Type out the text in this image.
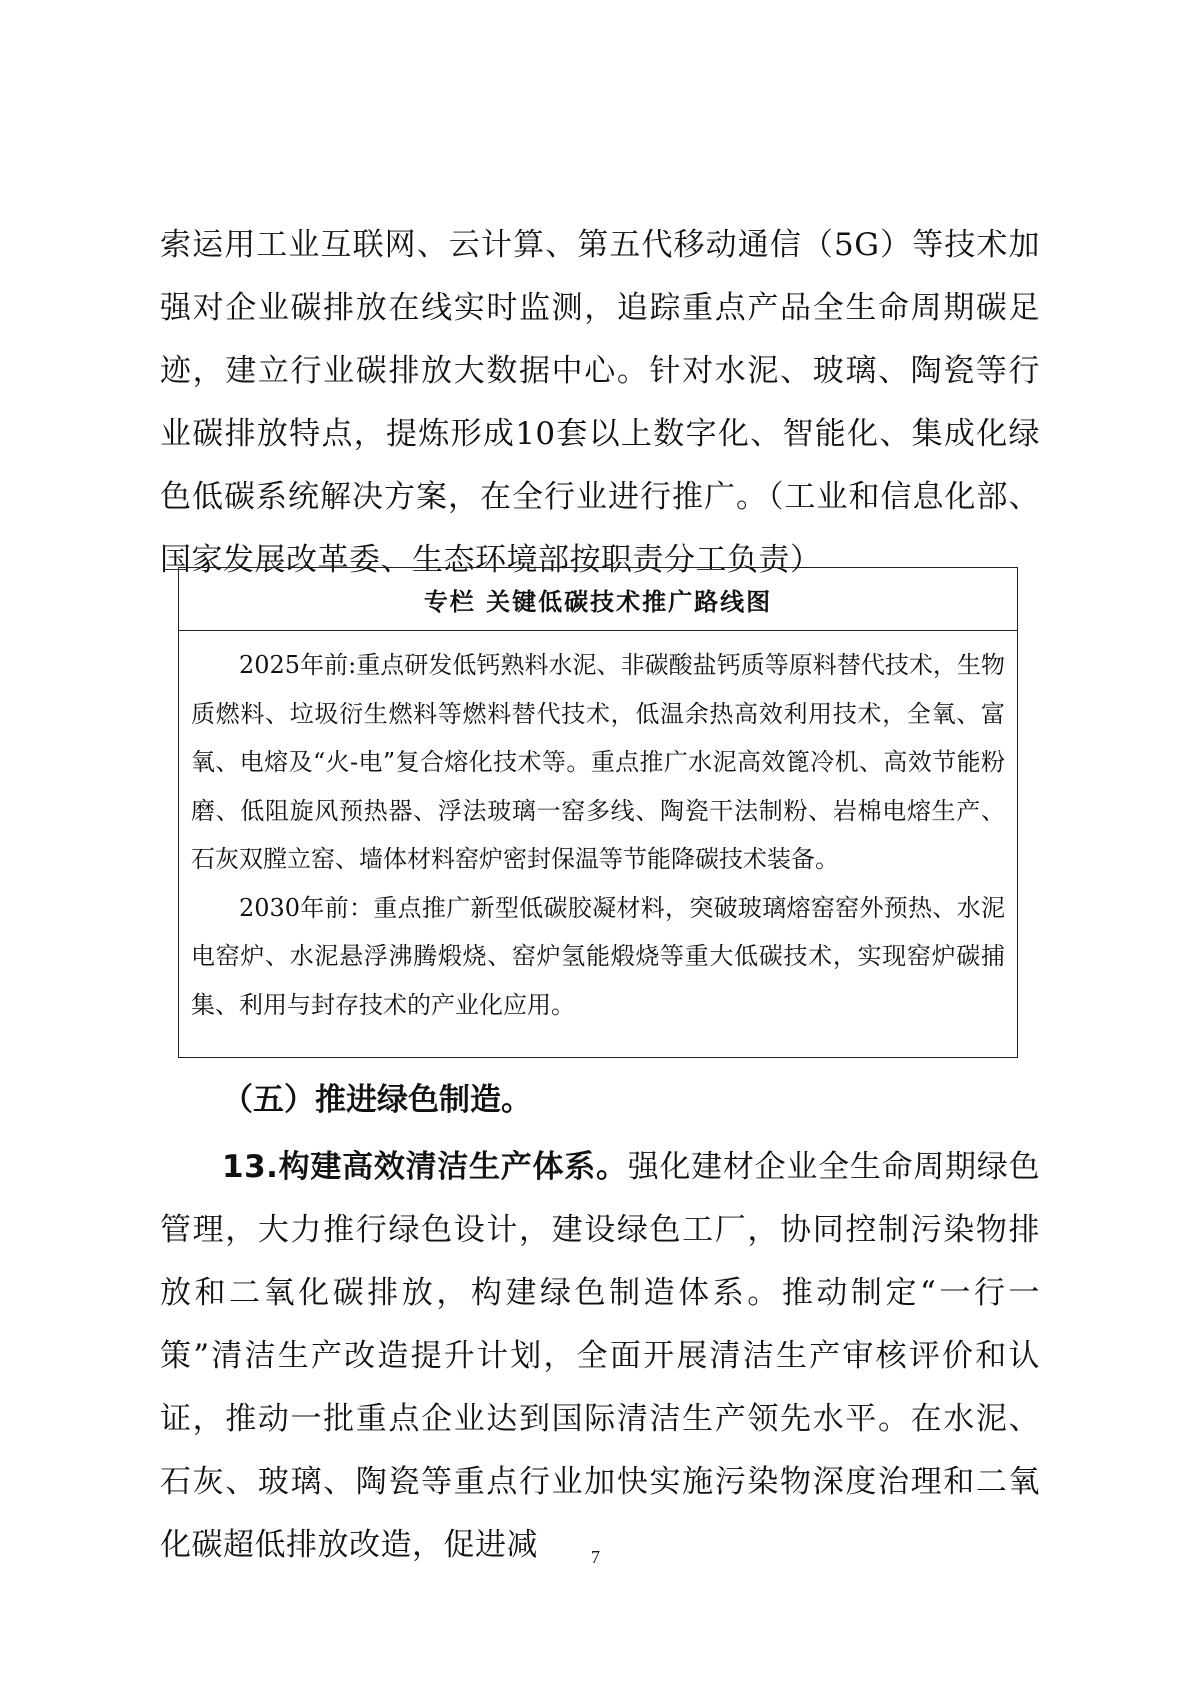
索运用工业互联网、云计算、第五代移动通信（5G）等技术加强对企业碳排放在线实时监测，追踪重点产品全生命周期碳足迹，建立行业碳排放大数据中心。针对水泥、玻璃、陶瓷等行业碳排放特点，提炼形成10套以上数字化、智能化、集成化绿色低碳系统解决方案，在全行业进行推广。（工业和信息化部、国家发展改革委、生态环境部按职责分工负责）

专栏 关键低碳技术推广路线图

2025年前:重点研发低钙熟料水泥、非碳酸盐钙质等原料替代技术，生物质燃料、垃圾衍生燃料等燃料替代技术，低温余热高效利用技术，全氧、富氧、电熔及“火-电”复合熔化技术等。重点推广水泥高效篦冷机、高效节能粉磨、低阻旋风预热器、浮法玻璃一窑多线、陶瓷干法制粉、岩棉电熔生产、石灰双膛立窑、墙体材料窑炉密封保温等节能降碳技术装备。

2030年前：重点推广新型低碳胶凝材料，突破玻璃熔窑窑外预热、水泥电窑炉、水泥悬浮沸腾煅烧、窑炉氢能煅烧等重大低碳技术，实现窑炉碳捕集、利用与封存技术的产业化应用。

（五）推进绿色制造。

13.构建高效清洁生产体系。强化建材企业全生命周期绿色管理，大力推行绿色设计，建设绿色工厂，协同控制污染物排放和二氧化碳排放，构建绿色制造体系。推动制定“一行一策”清洁生产改造提升计划，全面开展清洁生产审核评价和认证，推动一批重点企业达到国际清洁生产领先水平。在水泥、石灰、玻璃、陶瓷等重点行业加快实施污染物深度治理和二氧化碳超低排放改造，促进减	7
